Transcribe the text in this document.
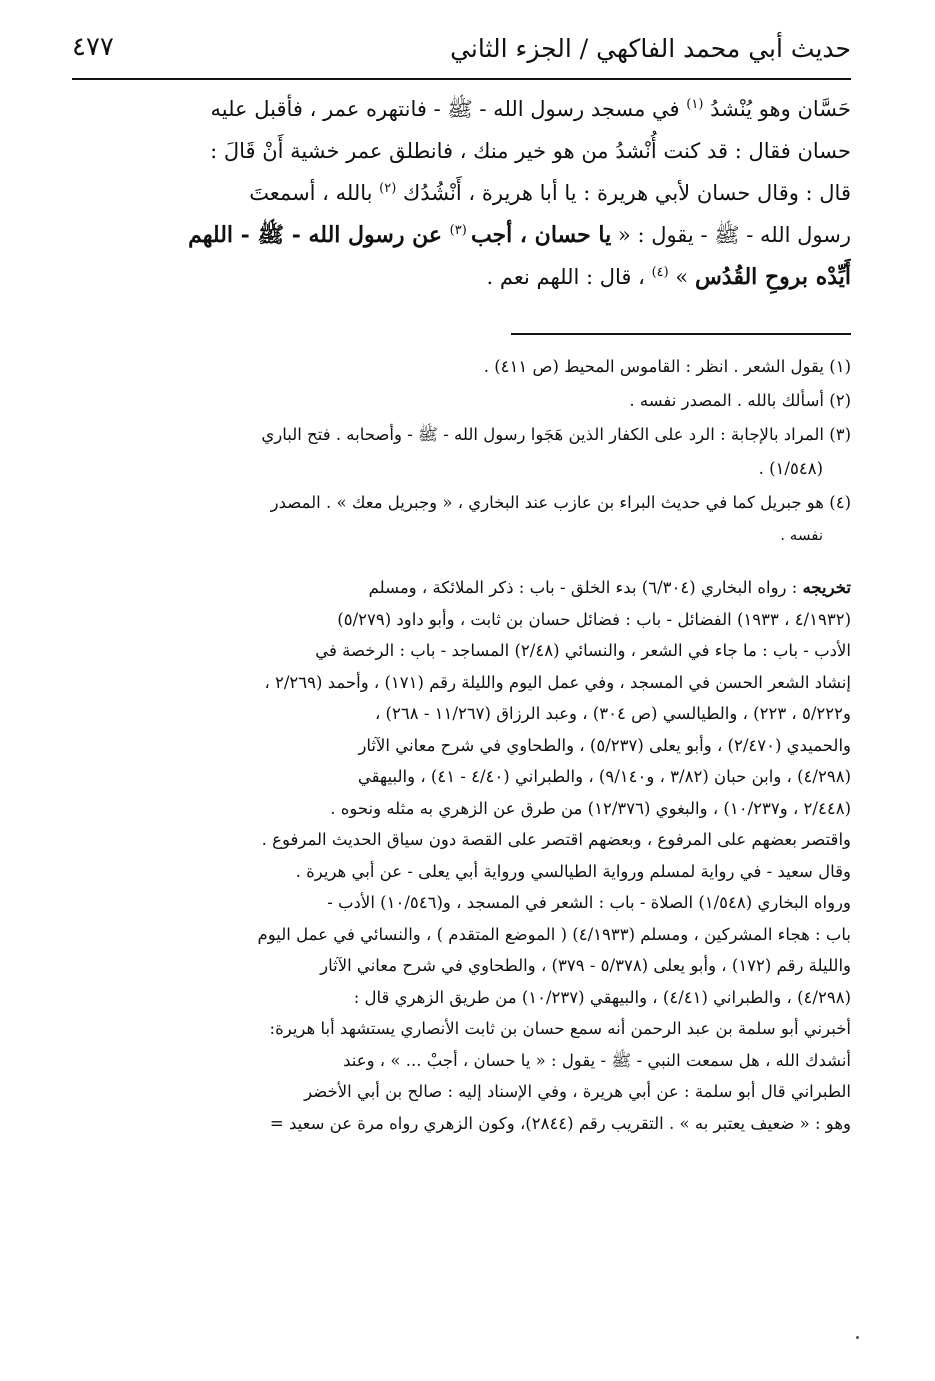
حديث أبي محمد الفاكهي / الجزء الثاني
٤٧٧
حَسَّان وهو يُنْشدُ $^{(١)}$ في مسجد رسول الله - ﷺ - فانتهره عمر ، فأقبل عليه
حسان فقال : قد كنت أُنْشدُ من هو خير منك ، فانطلق عمر خشية أَنْ قَالَ :
قال : وقال حسان لأبي هريرة : يا أبا هريرة ، أَنْشُدُك $^{(٢)}$ بالله ، أسمعتَ
رسول الله - ﷺ - يقول : « يا حسان ، أجب $^{(٣)}$ عن رسول الله - ﷺ - اللهم
أَيِّدْه بروحِ القُدُس » $^{(٤)}$ ، قال : اللهم نعم .
(١) يقول الشعر . انظر : القاموس المحيط (ص ٤١١) .
(٢) أسألك بالله . المصدر نفسه .
(٣) المراد بالإجابة : الرد على الكفار الذين هَجَوا رسول الله - ﷺ - وأصحابه . فتح الباري
(١/٥٤٨) .
(٤) هو جبريل كما في حديث البراء بن عازب عند البخاري ، « وجبريل معك » . المصدر
نفسه .
تخريجه : رواه البخاري (٦/٣٠٤) بدء الخلق - باب : ذكر الملائكة ، ومسلم
(٤/١٩٣٢ ، ١٩٣٣) الفضائل - باب : فضائل حسان بن ثابت ، وأبو داود (٥/٢٧٩)
الأدب - باب : ما جاء في الشعر ، والنسائي (٢/٤٨) المساجد - باب : الرخصة في
إنشاد الشعر الحسن في المسجد ، وفي عمل اليوم والليلة رقم (١٧١) ، وأحمد (٢/٢٦٩ ،
و٥/٢٢٢ ، ٢٢٣) ، والطيالسي (ص ٣٠٤) ، وعبد الرزاق (١١/٢٦٧ - ٢٦٨) ،
والحميدي (٢/٤٧٠) ، وأبو يعلى (٥/٢٣٧) ، والطحاوي في شرح معاني الآثار
(٤/٢٩٨) ، وابن حبان (٣/٨٢ ، و٩/١٤٠) ، والطبراني (٤/٤٠ - ٤١) ، والبيهقي
(٢/٤٤٨ ، و١٠/٢٣٧) ، والبغوي (١٢/٣٧٦) من طرق عن الزهري به مثله ونحوه .
واقتصر بعضهم على المرفوع ، وبعضهم اقتصر على القصة دون سياق الحديث المرفوع .
وقال سعيد - في رواية لمسلم ورواية الطيالسي ورواية أبي يعلى - عن أبي هريرة .
ورواه البخاري (١/٥٤٨) الصلاة - باب : الشعر في المسجد ، و(١٠/٥٤٦) الأدب -
باب : هجاء المشركين ، ومسلم (٤/١٩٣٣) ( الموضع المتقدم ) ، والنسائي في عمل اليوم
والليلة رقم (١٧٢) ، وأبو يعلى (٥/٣٧٨ - ٣٧٩) ، والطحاوي في شرح معاني الآثار
(٤/٢٩٨) ، والطبراني (٤/٤١) ، والبيهقي (١٠/٢٣٧) من طريق الزهري قال :
أخبرني أبو سلمة بن عبد الرحمن أنه سمع حسان بن ثابت الأنصاري يستشهد أبا هريرة:
أنشدك الله ، هل سمعت النبي - ﷺ - يقول : « يا حسان ، أجبْ ... » ، وعند
الطبراني قال أبو سلمة : عن أبي هريرة ، وفي الإسناد إليه : صالح بن أبي الأخضر
وهو : « ضعيف يعتبر به » . التقريب رقم (٢٨٤٤)، وكون الزهري رواه مرة عن سعيد =
